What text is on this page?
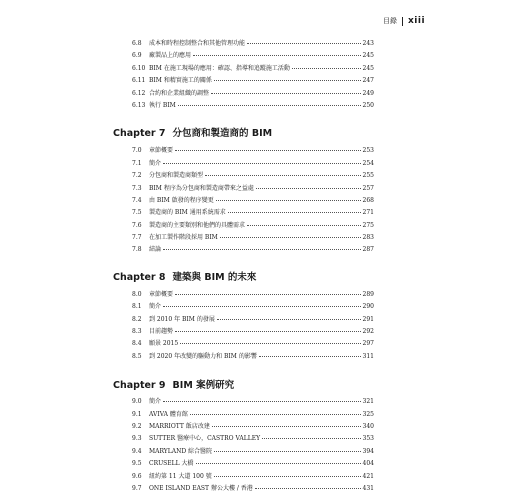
目錄 xiii
6.8	成本和時程控制整合和其他管理功能	243
6.9	廠製品上的應用	245
6.10 BIM 在施工現場的應用：確認、指導和追蹤施工活動	245
6.11 BIM 和精實施工的關係	247
6.12 合約和企業組織的調整	249
6.13 執行 BIM	250
Chapter 7 分包商和製造商的 BIM
7.0	章節概要	253
7.1	簡介	254
7.2	分包商和製造商類型	255
7.3	BIM 程序為分包商和製造商帶來之益處	257
7.4	由 BIM 啟發的程序變更	268
7.5	製造商的 BIM 通用系統需求	271
7.6	製造商的主要類別和他們的具體需求	275
7.7	在加工製作階段採用 BIM	283
7.8	結論	287
Chapter 8 建築與 BIM 的未來
8.0	章節概要	289
8.1	簡介	290
8.2	到 2010 年 BIM 的發展	291
8.3	目前趨勢	292
8.4	願景 2015	297
8.5	到 2020 年改變的驅動力和 BIM 的影響	311
Chapter 9 BIM 案例研究
9.0	簡介	321
9.1	AVIVA 體育館	325
9.2	MARRIOTT 飯店改建	340
9.3	SUTTER 醫療中心，CASTRO VALLEY	353
9.4	MARYLAND 綜合醫院	394
9.5	CRUSELL 大橋	404
9.6	紐約第 11 大道 100 號	421
9.7	ONE ISLAND EAST 辦公大樓 / 香港	431
